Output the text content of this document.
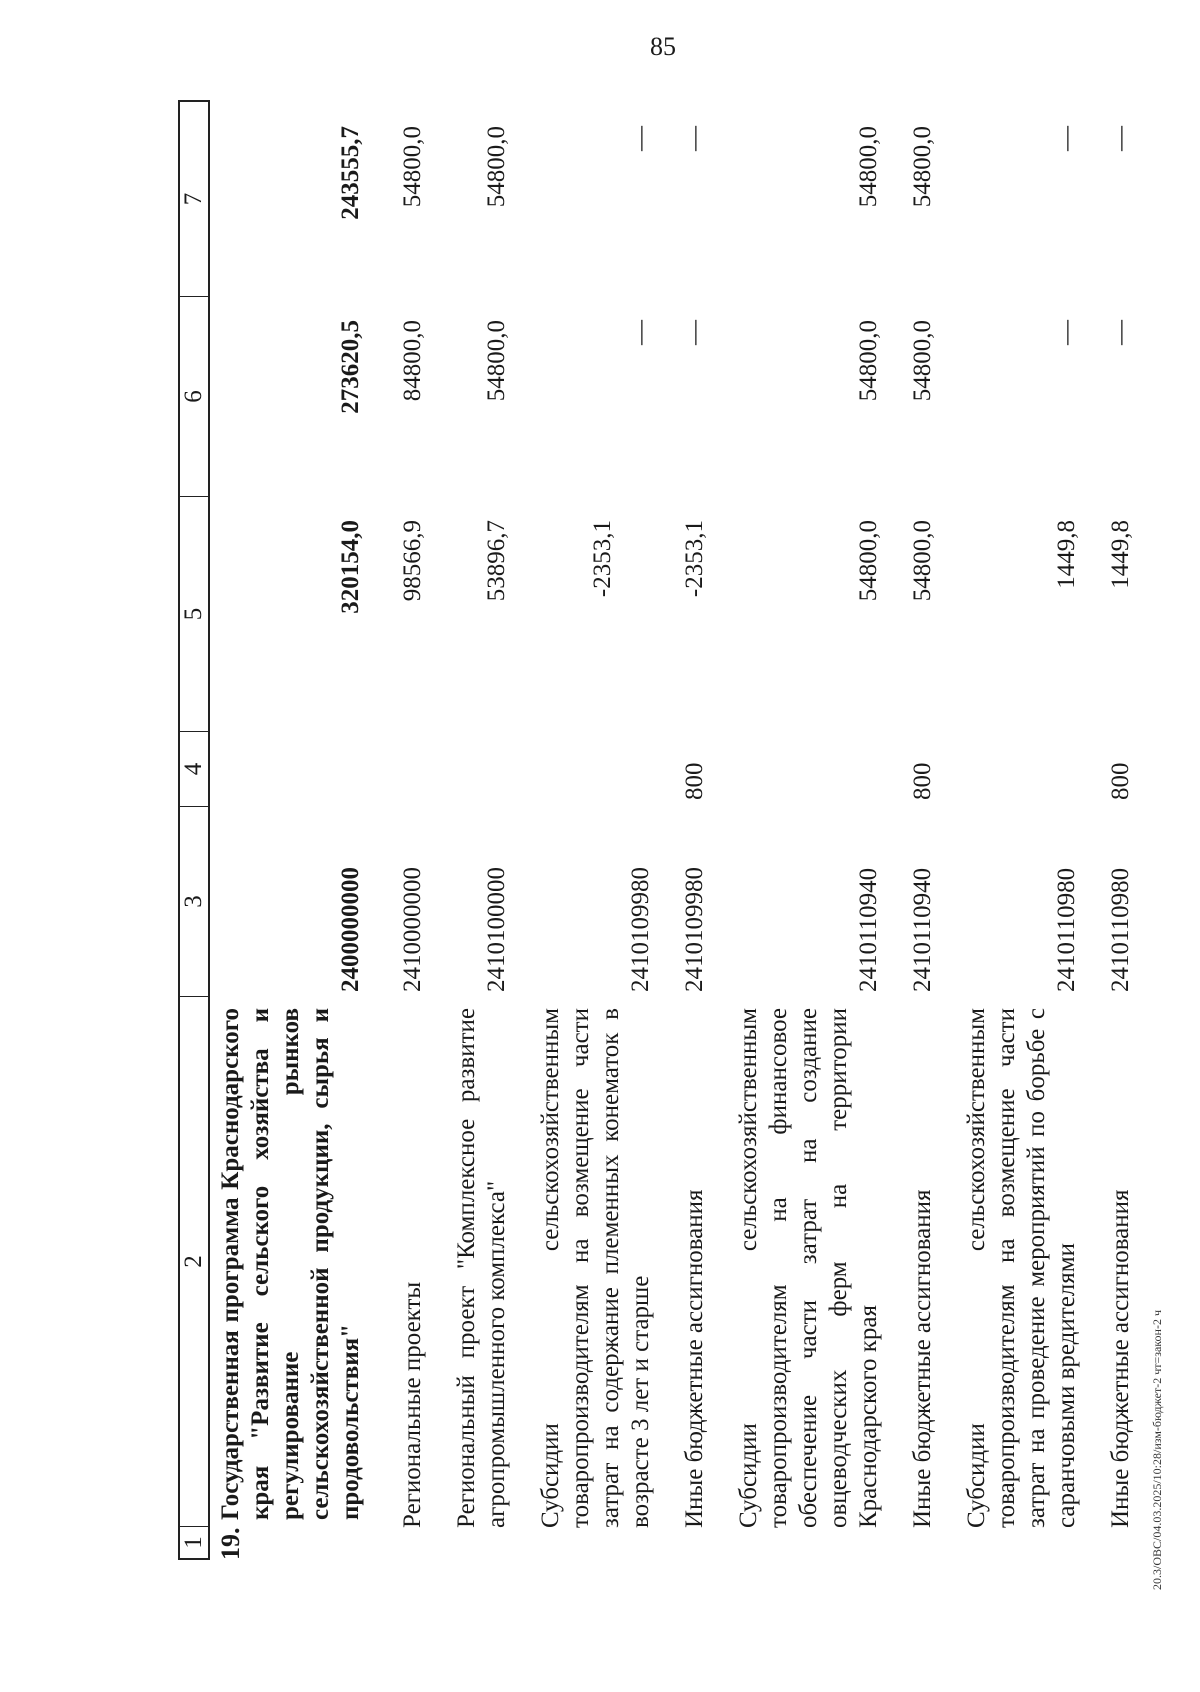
85
1
2
3
4
5
6
7
19.
Государственная программа Краснодарского края "Развитие сельского хозяйства и регулирование рынков сельскохозяйственной продукции, сырья и продовольствия"
2400000000
320154,0
273620,5
243555,7
Региональные проекты
2410000000
98566,9
84800,0
54800,0
Региональный проект "Комплексное развитие агропромышленного комплекса"
2410100000
53896,7
54800,0
54800,0
Субсидии сельскохозяйственным товаропроизводителям на возмещение части затрат на содержание племенных конематок в возрасте 3 лет и старше
2410109980
-2353,1
—
—
Иные бюджетные ассигнования
2410109980
800
-2353,1
—
—
Субсидии сельскохозяйственным товаропроизводителям на финансовое обеспечение части затрат на создание овцеводческих ферм на территории Краснодарского края
2410110940
54800,0
54800,0
54800,0
Иные бюджетные ассигнования
2410110940
800
54800,0
54800,0
54800,0
Субсидии сельскохозяйственным товаропроизводителям на возмещение части затрат на проведение мероприятий по борьбе с саранчовыми вредителями
2410110980
1449,8
—
—
Иные бюджетные ассигнования
2410110980
800
1449,8
—
—
20.3/ОВС/04.03.2025/10:28/изм-бюджет-2 чт=закон-2 ч
